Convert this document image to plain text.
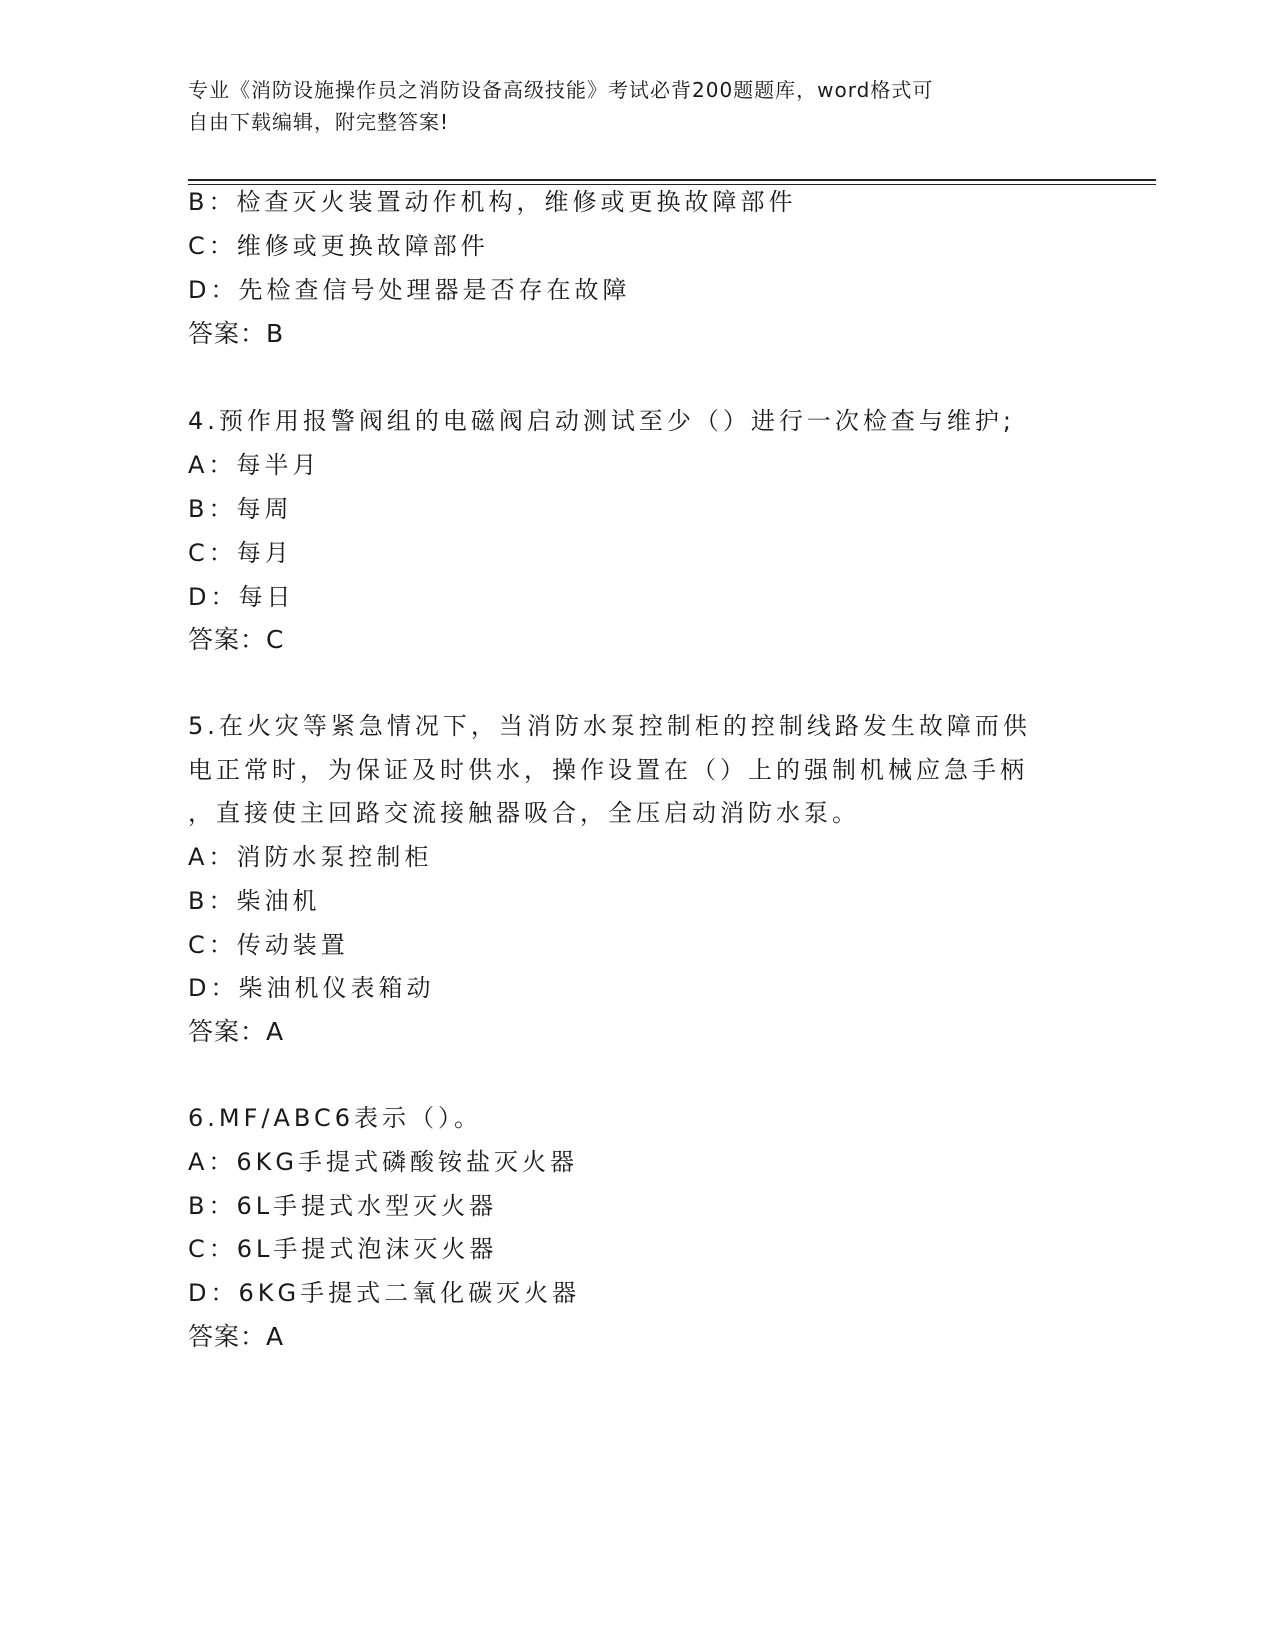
专业《消防设施操作员之消防设备高级技能》考试必背200题题库，word格式可
自由下载编辑，附完整答案!
B：检查灭火装置动作机构，维修或更换故障部件
C：维修或更换故障部件
D：先检查信号处理器是否存在故障
答案：B
4.预作用报警阀组的电磁阀启动测试至少（）进行一次检查与维护;
A：每半月
B：每周
C：每月
D：每日
答案：C
5.在火灾等紧急情况下，当消防水泵控制柜的控制线路发生故障而供
电正常时，为保证及时供水，操作设置在（）上的强制机械应急手柄
，直接使主回路交流接触器吸合，全压启动消防水泵。
A：消防水泵控制柜
B：柴油机
C：传动装置
D：柴油机仪表箱动
答案：A
6.MF/ABC6表示（）。
A：6KG手提式磷酸铵盐灭火器
B：6L手提式水型灭火器
C：6L手提式泡沫灭火器
D：6KG手提式二氧化碳灭火器
答案：A
